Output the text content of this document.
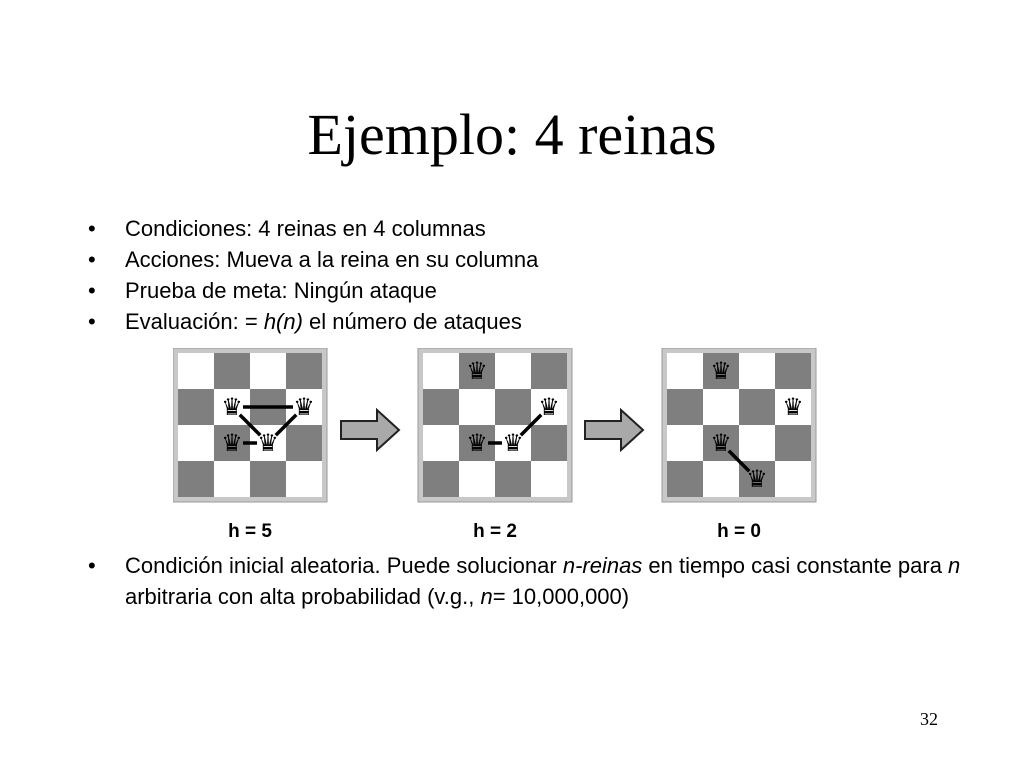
Ejemplo: 4 reinas
• Condiciones: 4 reinas en 4 columnas
• Acciones: Mueva a la reina en su columna
• Prueba de meta: Ningún ataque
• Evaluación: = h(n) el número de ataques
♛
♛
♛
♛
h = 5
♛
♛
♛
♛
h = 2
♛
♛
♛
♛
h = 0
• Condición inicial aleatoria. Puede solucionar n-reinas en tiempo casi constante para n arbitraria con alta probabilidad (v.g., n= 10,000,000)
32
